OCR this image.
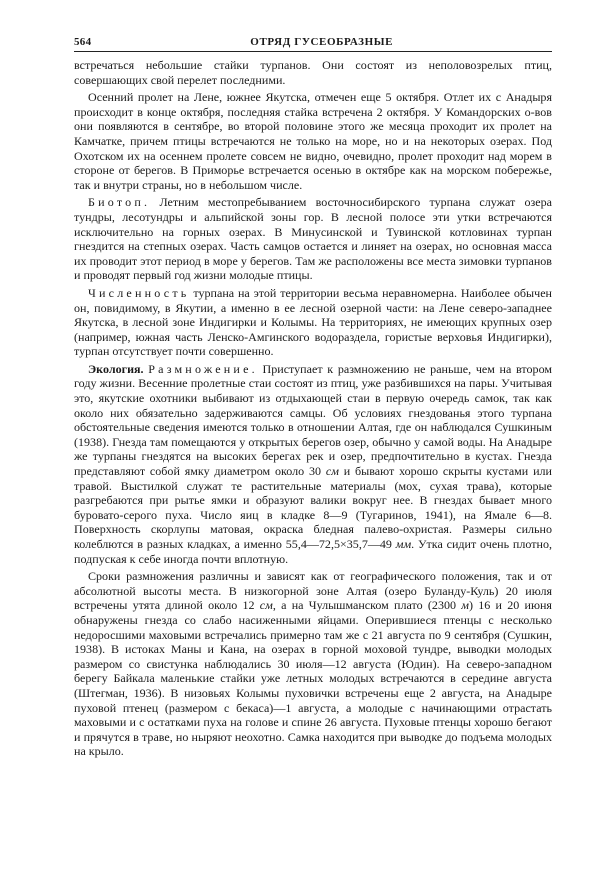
564	ОТРЯД ГУСЕОБРАЗНЫЕ

встречаться небольшие стайки турпанов. Они состоят из неполовозрелых птиц, совершающих свой перелет последними.

Осенний пролет на Лене, южнее Якутска, отмечен еще 5 октября. Отлет их с Анадыря происходит в конце октября, последняя стайка встречена 2 октября. У Командорских о-вов они появляются в сентябре, во второй половине этого же месяца проходит их пролет на Камчатке, причем птицы встречаются не только на море, но и на некоторых озерах. Под Охотском их на осеннем пролете совсем не видно, очевидно, пролет проходит над морем в стороне от берегов. В Приморье встречается осенью в октябре как на морском побережье, так и внутри страны, но в небольшом числе.

Биотоп. Летним местопребыванием восточносибирского турпана служат озера тундры, лесотундры и альпийской зоны гор. В лесной полосе эти утки встречаются исключительно на горных озерах. В Минусинской и Тувинской котловинах турпан гнездится на степных озерах. Часть самцов остается и линяет на озерах, но основная масса их проводит этот период в море у берегов. Там же расположены все места зимовки турпанов и проводят первый год жизни молодые птицы.

Численность турпана на этой территории весьма неравномерна. Наиболее обычен он, повидимому, в Якутии, а именно в ее лесной озерной части: на Лене северо-западнее Якутска, в лесной зоне Индигирки и Колымы. На территориях, не имеющих крупных озер (например, южная часть Ленско-Амгинского водораздела, гористые верховья Индигирки), турпан отсутствует почти совершенно.

Экология. Размножение. Приступает к размножению не раньше, чем на втором году жизни. Весенние пролетные стаи состоят из птиц, уже разбившихся на пары. Учитывая это, якутские охотники выбивают из отдыхающей стаи в первую очередь самок, так как около них обязательно задерживаются самцы. Об условиях гнездованья этого турпана обстоятельные сведения имеются только в отношении Алтая, где он наблюдался Сушкиным (1938). Гнезда там помещаются у открытых берегов озер, обычно у самой воды. На Анадыре же турпаны гнездятся на высоких берегах рек и озер, предпочтительно в кустах. Гнезда представляют собой ямку диаметром около 30 см и бывают хорошо скрыты кустами или травой. Выстилкой служат те растительные материалы (мох, сухая трава), которые разгребаются при рытье ямки и образуют валики вокруг нее. В гнездах бывает много буровато-серого пуха. Число яиц в кладке 8—9 (Тугаринов, 1941), на Ямале 6—8. Поверхность скорлупы матовая, окраска бледная палево-охристая. Размеры сильно колеблются в разных кладках, а именно 55,4—72,5×35,7—49 мм. Утка сидит очень плотно, подпуская к себе иногда почти вплотную.

Сроки размножения различны и зависят как от географического положения, так и от абсолютной высоты места. В низкогорной зоне Алтая (озеро Буланду-Куль) 20 июля встречены утята длиной около 12 см, а на Чулышманском плато (2300 м) 16 и 20 июня обнаружены гнезда со слабо насиженными яйцами. Оперившиеся птенцы с несколько недоросшими маховыми встречались примерно там же с 21 августа по 9 сентября (Сушкин, 1938). В истоках Маны и Кана, на озерах в горной моховой тундре, выводки молодых размером со свистунка наблюдались 30 июля—12 августа (Юдин). На северо-западном берегу Байкала маленькие стайки уже летных молодых встречаются в середине августа (Штегман, 1936). В низовьях Колымы пуховички встречены еще 2 августа, на Анадыре пуховой птенец (размером с бекаса)—1 августа, а молодые с начинающими отрастать маховыми и с остатками пуха на голове и спине 26 августа. Пуховые птенцы хорошо бегают и прячутся в траве, но ныряют неохотно. Самка находится при выводке до подъема молодых на крыло.
